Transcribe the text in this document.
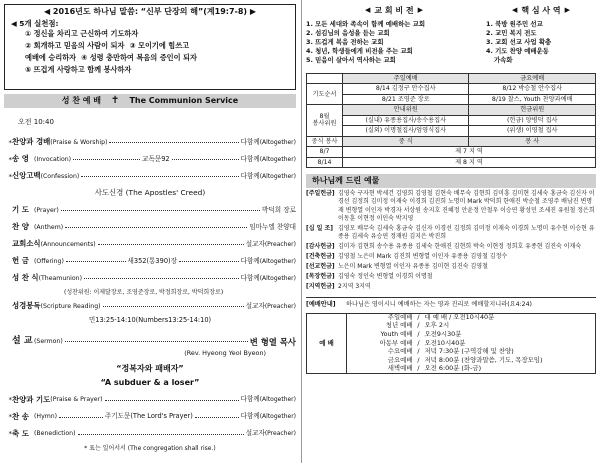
◀ 2016년도 하나님 말씀: “신부 단장의 해”(계19:7-8) ▶
◀ 5개 실천점:
① 정신을 차리고 근신하여 기도하자
② 회개하고 믿음의 사람이 되자 ③ 모이기에 힘쓰고
예배에 승리하자 ④ 성령 충만하여 복음의 증인이 되자
⑤ 뜨겁게 사랑하고 함께 봉사하자
성 찬 예 배 ✝ The Communion Service
오전 10:40
* 찬양과 경배 (Praise & Worship)	다함께 (Altogether)
* 송 영 (Invocation)	교독문92	다함께 (Altogether)
* 신앙고백 (Confession)	다함께 (Altogether)
사도신경 (The Apostles' Creed)
기 도 (Prayer)	박덕희 장로
찬 양 (Anthem)	임마누엘 찬양대
교회소식 (Announcements)	설교자 (Preacher)
헌 금 (Offering)	새352(통390)장	다함께 (Altogether)
성 찬 식 (Theamunion)	다함께 (Altogether)
(성찬위원: 이제달장로, 조영준장로, 박정희장로, 박덕희장로)
성경봉독 (Scripture Reading)	설교자 (Preacher)
민13:25-14:10(Numbers13:25-14:10)
설 교 (Sermon)	변 형열 목사
(Rev. Hyeong Yeol Byeon)
“정복자와 패배자”
“A subduer & a loser”
* 찬양과 기도 (Praise & Prayer)	다함께 (Altogether)
* 찬 송 (Hymn)	주기도문(The Lord's Prayer)	다함께 (Altogether)
* 축 도 (Benediction)	설교자 (Preacher)
* 표는 일어서서 (The congregation shall rise.)
◀ 교 회 비 전 ▶
1. 모든 세대와 족속이 함께 예배하는 교회
2. 섬김님의 음성을 듣는 교회
3. 뜨겁게 복음 전하는 교회
4. 청년, 학생들에게 비전을 주는 교회
5. 믿음이 살아서 역사하는 교회
◀ 핵 심 사 역 ▶
1. 북방 원주민 선교
2. 교민 복지 전도
3. 교회 선교 사업 확충
4. 기도 찬양 예배운동
가속화
	주일예배	금요예배
기도순서	8/14 김정구 안수집사	8/12 박승철 안수집사
	8/21 조영준 장로	8/19 찰스, Youth 찬양과예배
8월
봉사위원	안내위원	헌금위원
	(실내) 유종용집사/송수용집사	(헌금) 양병덕 집사
	(실외) 이명철집사/엄영식집사	(위생) 이영철 집사
중식 봉사	중 식	봉 사
8/7	제 7 지 역	
8/14	제 8 지 역	
하나님께 드린 예물
[주일헌금] 김영숙 구자현 박세건 김영희 김영철 김현숙 배무숙 김현희 김미흥 김미현 김세숙 홍금숙 김신자 이경선 김정희 김미정 이재숙 이경희 김진희 노명미 Mark 박덕희 한애진 박순철 조영주 배남진 변명재 변형열 이인자 박경자 서상원 송지호 진혜정 안윤정 안철우 이승연 황성민 조세진 유원철 정은희 이동훈 이현정 이인숙 박지영
[십 일 조] 김영모 배무숙 김세숙 홍금숙 김신자 이경선 김정희 김미정 이재숙 이경희 노명미 유수현 이승현 유종용 김세숙 유승연 정재원 김지은 박진희
[감사헌금] 김미자 김현희 송수용 유종용 김세숙 한애진 김현희 박숙 이현정 정희호 유종현 김진숙 이재숙
[건축헌금] 김영철 노은미 Mark 김진희 변형열 이인자 유종용 김영철 김정수
[선교헌금] 노은미 Mark 변형열 이인자 유종용 김미현 김진숙 김영철
[목장헌금] 김영숙 정인숙 변형열 이경희 이명철
[지역헌금] 2지역 3지역
[예배안내]	하나님은 영이시니 예배하는 자는 영과 진리로 예배할지니라(요4:24)
예 배	주일예배	/	대 예 배 / 오전10시40분
	청년 예배	/	오후 2시
	Youth 예배	/	오전9시30분
	아동부 예배	/	오전10시40분
	수요예배	/	저녁 7:30분 (구역강해 및 찬양)
	금요예배	/	저녁 8:00분 (찬양과말씀, 기도, 목장모임)
	새벽예배	/	오전 6:00분 (화-금)
